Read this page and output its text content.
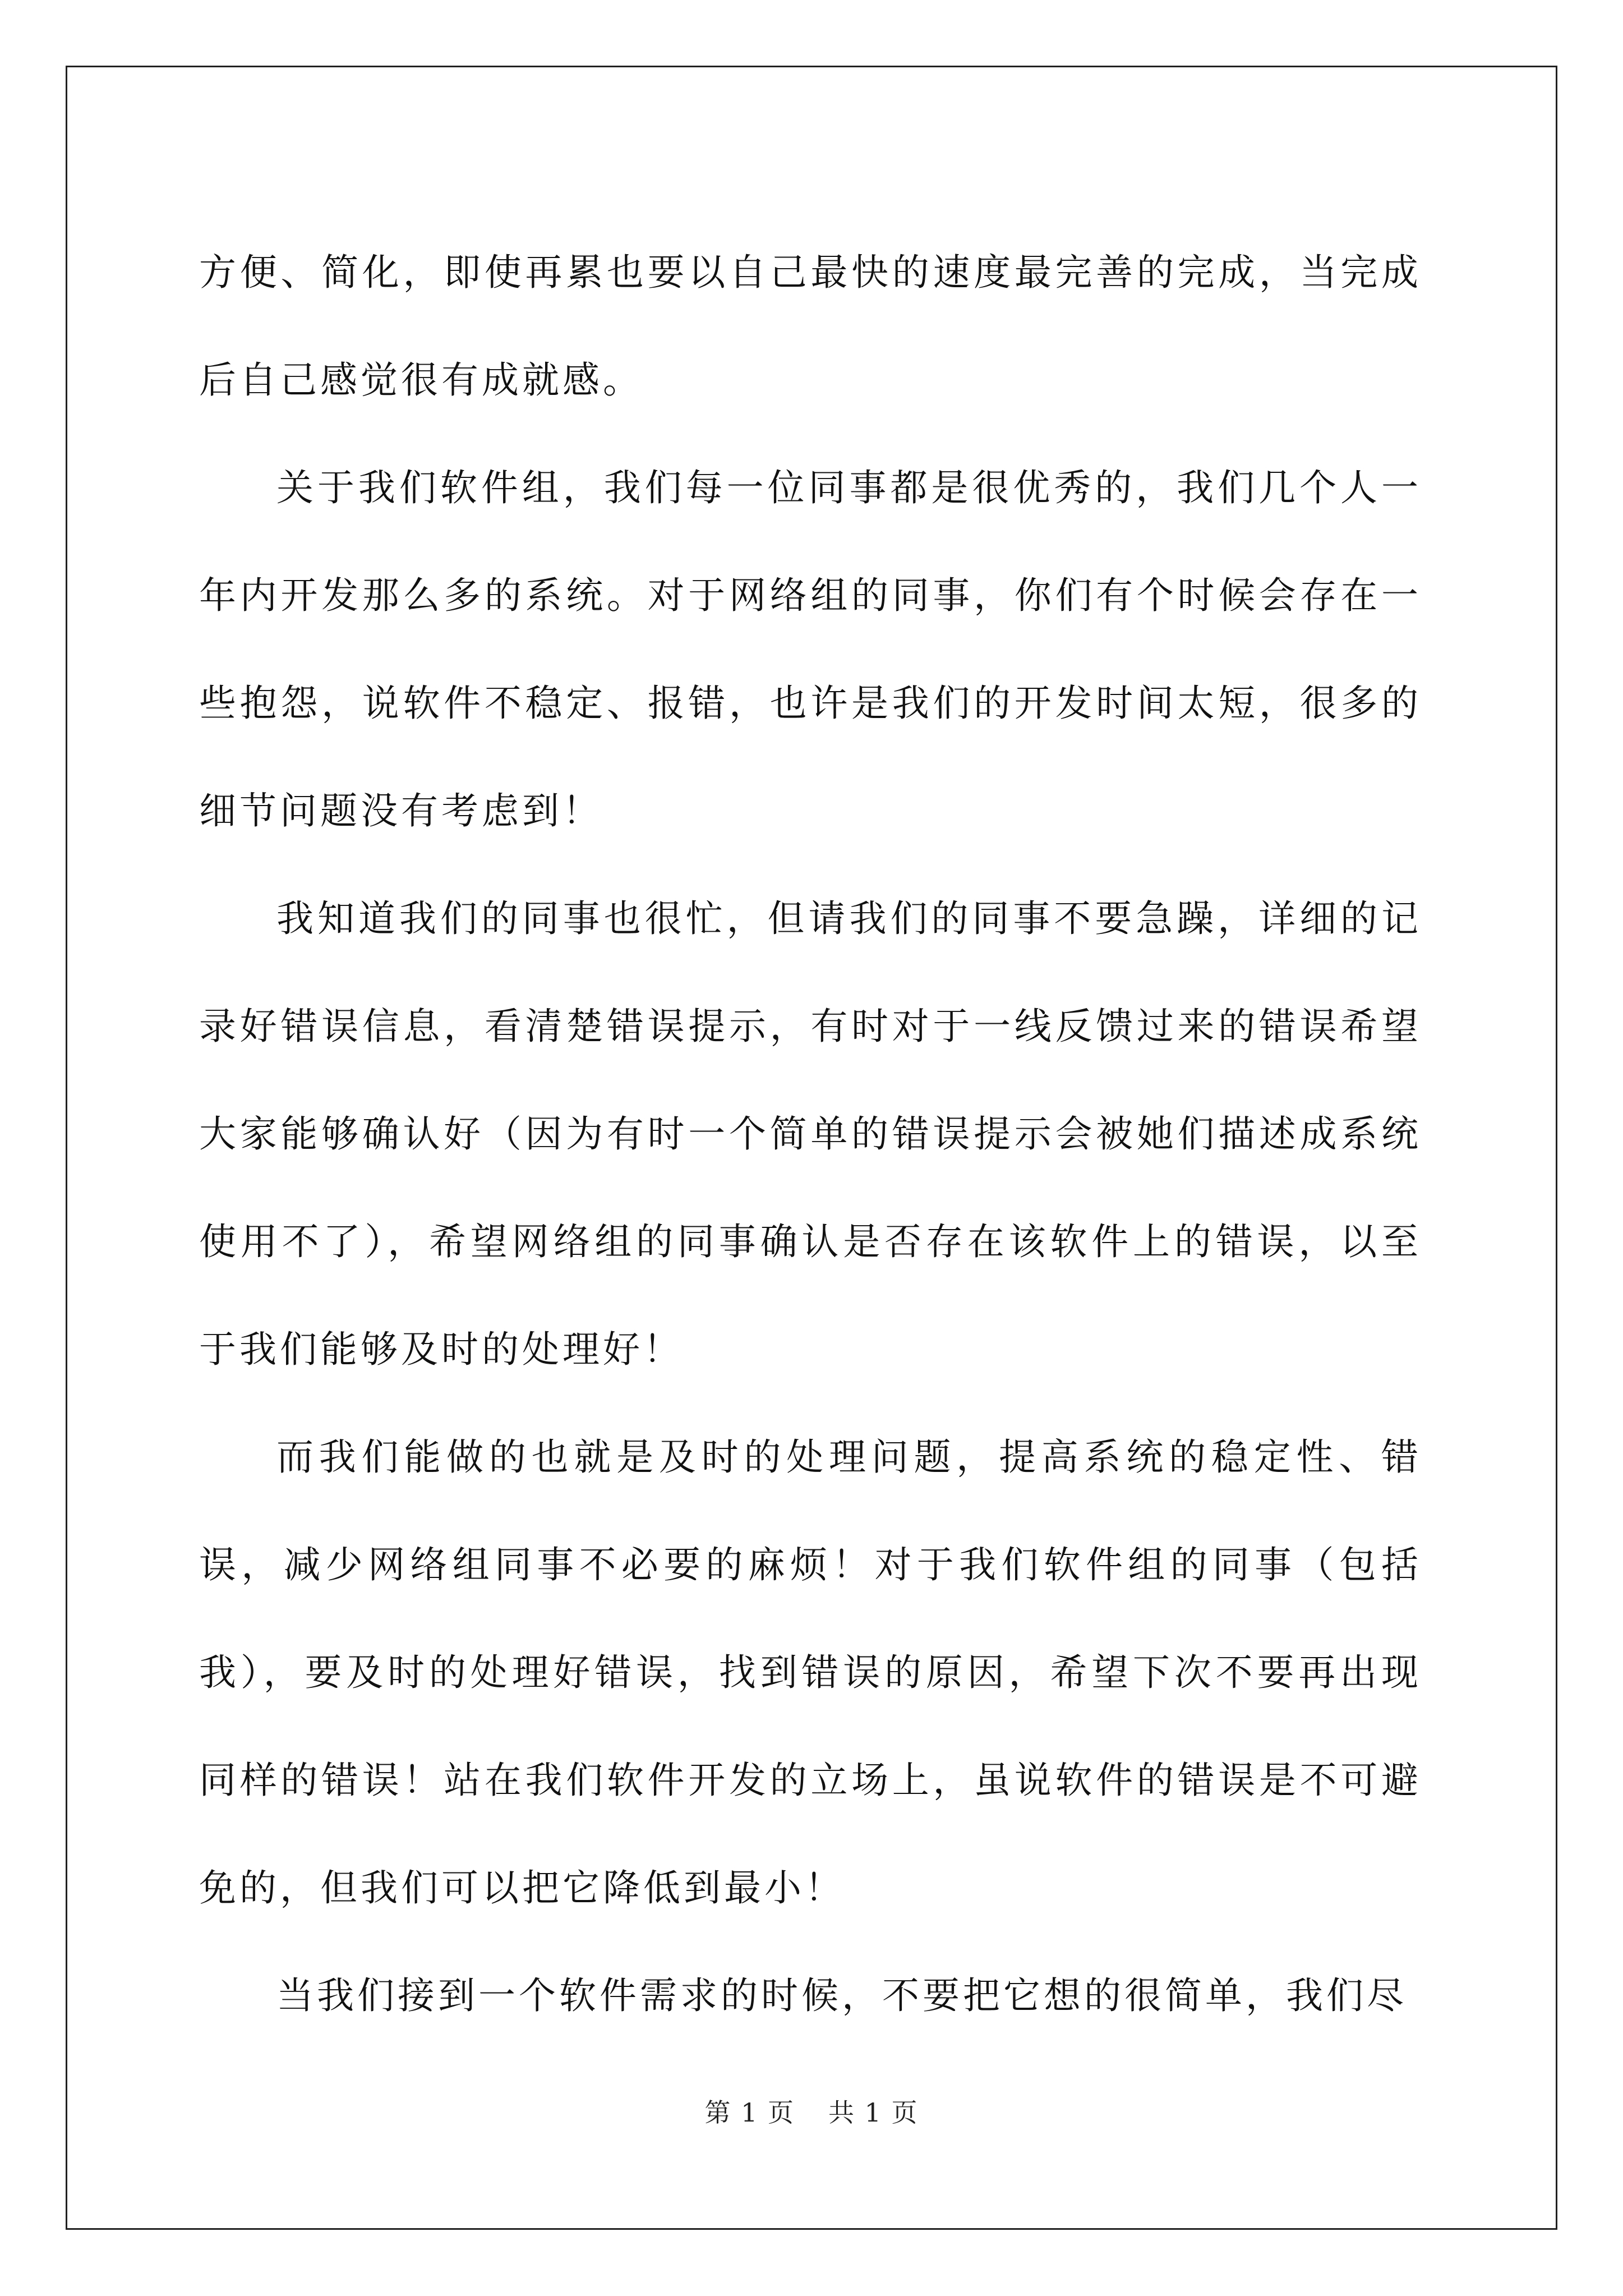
方便、简化，即使再累也要以自己最快的速度最完善的完成，当完成后自己感觉很有成就感。

关于我们软件组，我们每一位同事都是很优秀的，我们几个人一年内开发那么多的系统。对于网络组的同事，你们有个时候会存在一些抱怨，说软件不稳定、报错，也许是我们的开发时间太短，很多的细节问题没有考虑到！

我知道我们的同事也很忙，但请我们的同事不要急躁，详细的记录好错误信息，看清楚错误提示，有时对于一线反馈过来的错误希望大家能够确认好（因为有时一个简单的错误提示会被她们描述成系统使用不了），希望网络组的同事确认是否存在该软件上的错误，以至于我们能够及时的处理好！

而我们能做的也就是及时的处理问题，提高系统的稳定性、错误，减少网络组同事不必要的麻烦！对于我们软件组的同事（包括我），要及时的处理好错误，找到错误的原因，希望下次不要再出现同样的错误！站在我们软件开发的立场上，虽说软件的错误是不可避免的，但我们可以把它降低到最小！

当我们接到一个软件需求的时候，不要把它想的很简单，我们尽

第 1 页 共 1 页
